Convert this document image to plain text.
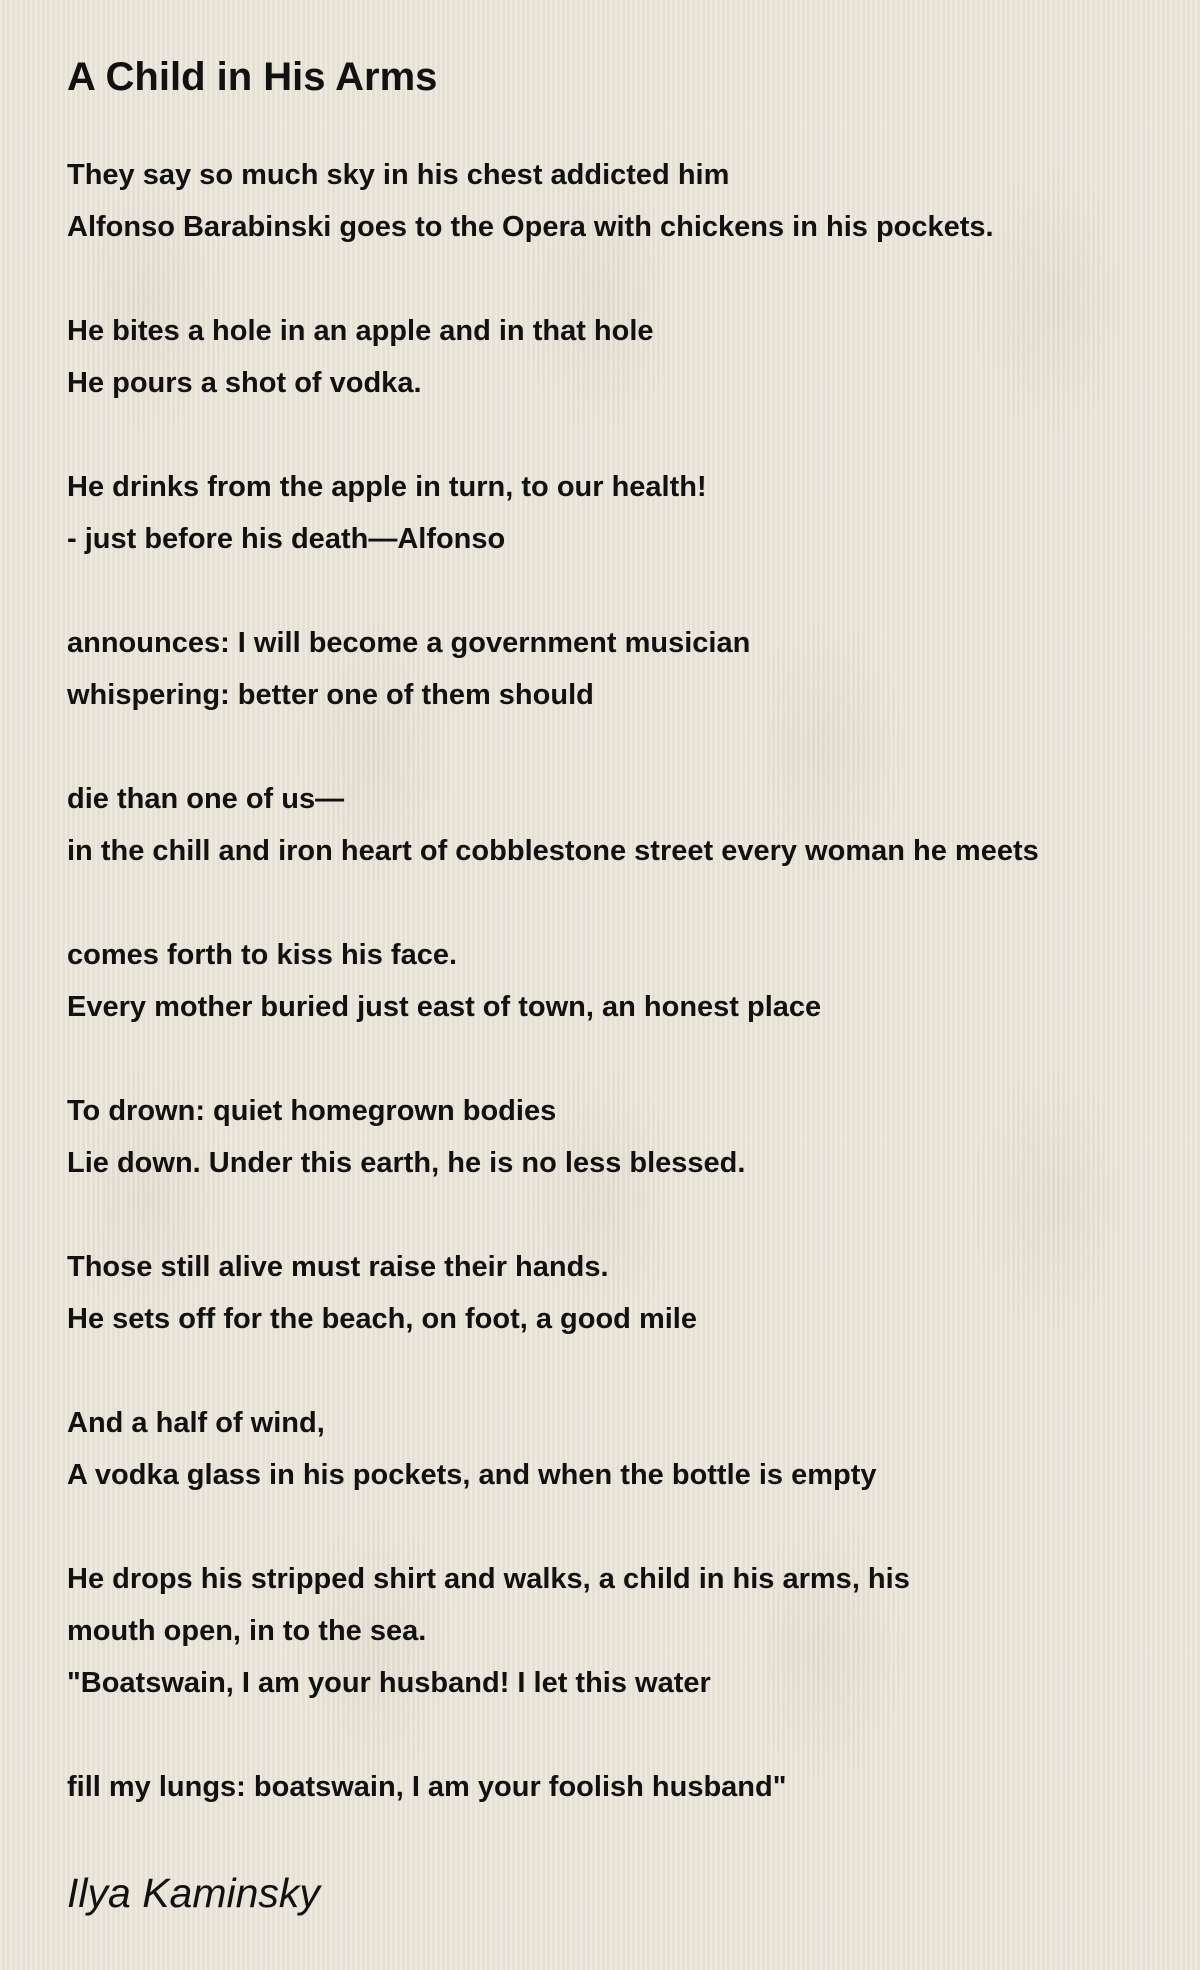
A Child in His Arms

They say so much sky in his chest addicted him
Alfonso Barabinski goes to the Opera with chickens in his pockets.

He bites a hole in an apple and in that hole
He pours a shot of vodka.

He drinks from the apple in turn, to our health!
- just before his death—Alfonso

announces: I will become a government musician
whispering: better one of them should

die than one of us—
in the chill and iron heart of cobblestone street every woman he meets

comes forth to kiss his face.
Every mother buried just east of town, an honest place

To drown: quiet homegrown bodies
Lie down. Under this earth, he is no less blessed.

Those still alive must raise their hands.
He sets off for the beach, on foot, a good mile

And a half of wind,
A vodka glass in his pockets, and when the bottle is empty

He drops his stripped shirt and walks, a child in his arms, his
mouth open, in to the sea.
"Boatswain, I am your husband! I let this water

fill my lungs: boatswain, I am your foolish husband"

Ilya Kaminsky
